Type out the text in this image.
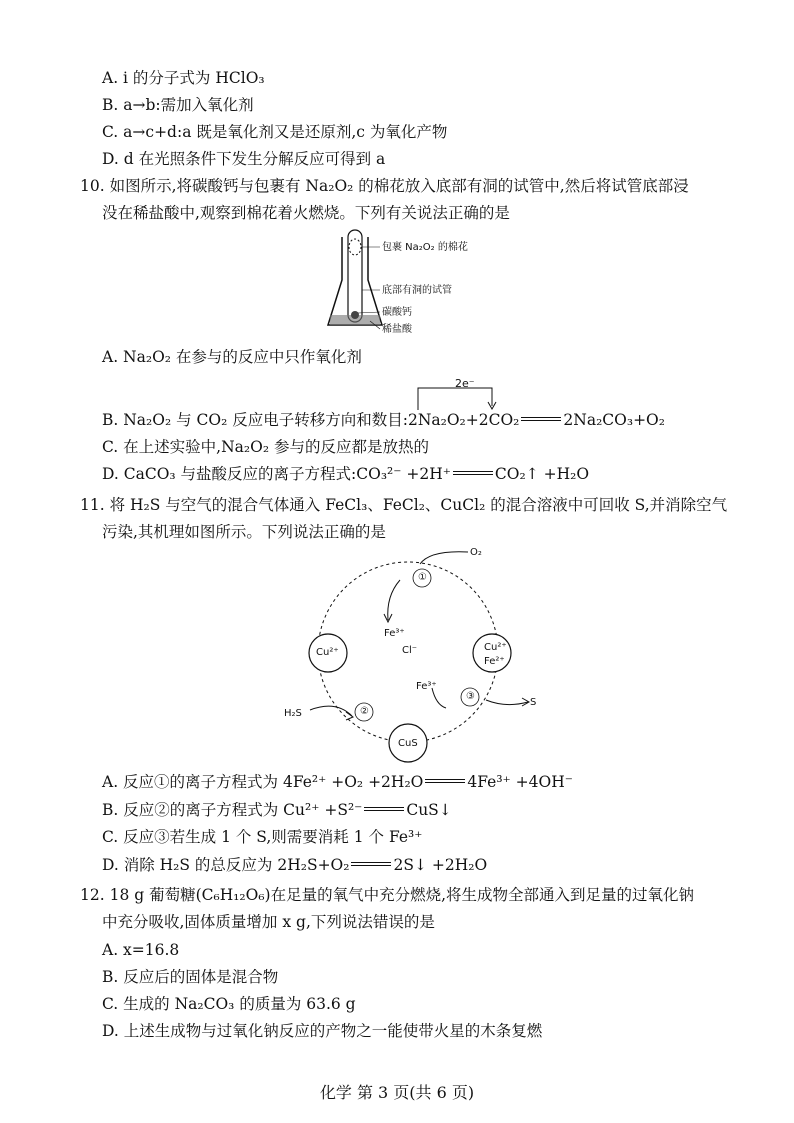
A. i 的分子式为 HClO₃
B. a→b:需加入氧化剂
C. a→c+d:a 既是氧化剂又是还原剂,c 为氧化产物
D. d 在光照条件下发生分解反应可得到 a
10. 如图所示,将碳酸钙与包裹有 Na₂O₂ 的棉花放入底部有洞的试管中,然后将试管底部浸
没在稀盐酸中,观察到棉花着火燃烧。下列有关说法正确的是
包裹 Na₂O₂ 的棉花
底部有洞的试管
碳酸钙
稀盐酸
A. Na₂O₂ 在参与的反应中只作氧化剂
B. Na₂O₂ 与 CO₂ 反应电子转移方向和数目:2Na₂O₂+2CO₂	2Na₂CO₃+O₂
2e⁻
C. 在上述实验中,Na₂O₂ 参与的反应都是放热的
D. CaCO₃ 与盐酸反应的离子方程式:CO₃²⁻ +2H⁺	CO₂↑ +H₂O
11. 将 H₂S 与空气的混合气体通入 FeCl₃、FeCl₂、CuCl₂ 的混合溶液中可回收 S,并消除空气
污染,其机理如图所示。下列说法正确的是
O₂
①
Fe³⁺
Cu²⁺	Cl⁻	Cu²⁺
Fe²⁺
Fe³⁺
③
S
H₂S	②
CuS
A. 反应①的离子方程式为 4Fe²⁺ +O₂ +2H₂O	4Fe³⁺ +4OH⁻
B. 反应②的离子方程式为 Cu²⁺ +S²⁻	CuS↓
C. 反应③若生成 1 个 S,则需要消耗 1 个 Fe³⁺
D. 消除 H₂S 的总反应为 2H₂S+O₂	2S↓ +2H₂O
12. 18 g 葡萄糖(C₆H₁₂O₆)在足量的氧气中充分燃烧,将生成物全部通入到足量的过氧化钠
中充分吸收,固体质量增加 x g,下列说法错误的是
A. x=16.8
B. 反应后的固体是混合物
C. 生成的 Na₂CO₃ 的质量为 63.6 g
D. 上述生成物与过氧化钠反应的产物之一能使带火星的木条复燃
化学 第 3 页(共 6 页)
